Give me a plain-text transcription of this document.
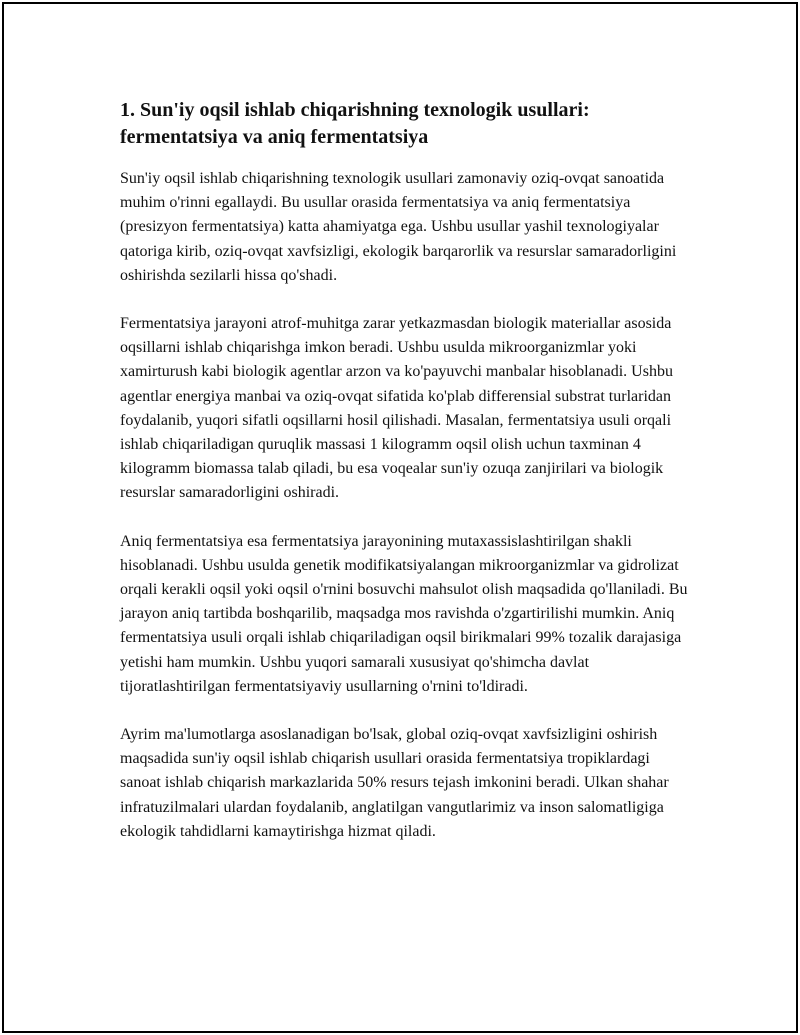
1. Sun'iy oqsil ishlab chiqarishning texnologik usullari: fermentatsiya va aniq fermentatsiya

Sun'iy oqsil ishlab chiqarishning texnologik usullari zamonaviy oziq-ovqat sanoatida muhim o'rinni egallaydi. Bu usullar orasida fermentatsiya va aniq fermentatsiya (presizyon fermentatsiya) katta ahamiyatga ega. Ushbu usullar yashil texnologiyalar qatoriga kirib, oziq-ovqat xavfsizligi, ekologik barqarorlik va resurslar samaradorligini oshirishda sezilarli hissa qo'shadi.

Fermentatsiya jarayoni atrof-muhitga zarar yetkazmasdan biologik materiallar asosida oqsillarni ishlab chiqarishga imkon beradi. Ushbu usulda mikroorganizmlar yoki xamirturush kabi biologik agentlar arzon va ko'payuvchi manbalar hisoblanadi. Ushbu agentlar energiya manbai va oziq-ovqat sifatida ko'plab differensial substrat turlaridan foydalanib, yuqori sifatli oqsillarni hosil qilishadi. Masalan, fermentatsiya usuli orqali ishlab chiqariladigan quruqlik massasi 1 kilogramm oqsil olish uchun taxminan 4 kilogramm biomassa talab qiladi, bu esa voqealar sun'iy ozuqa zanjirilari va biologik resurslar samaradorligini oshiradi.

Aniq fermentatsiya esa fermentatsiya jarayonining mutaxassislashtirilgan shakli hisoblanadi. Ushbu usulda genetik modifikatsiyalangan mikroorganizmlar va gidrolizat orqali kerakli oqsil yoki oqsil o'rnini bosuvchi mahsulot olish maqsadida qo'llaniladi. Bu jarayon aniq tartibda boshqarilib, maqsadga mos ravishda o'zgartirilishi mumkin. Aniq fermentatsiya usuli orqali ishlab chiqariladigan oqsil birikmalari 99% tozalik darajasiga yetishi ham mumkin. Ushbu yuqori samarali xususiyat qo'shimcha davlat tijoratlashtirilgan fermentatsiyaviy usullarning o'rnini to'ldiradi.

Ayrim ma'lumotlarga asoslanadigan bo'lsak, global oziq-ovqat xavfsizligini oshirish maqsadida sun'iy oqsil ishlab chiqarish usullari orasida fermentatsiya tropiklardagi sanoat ishlab chiqarish markazlarida 50% resurs tejash imkonini beradi. Ulkan shahar infratuzilmalari ulardan foydalanib, anglatilgan vangutlarimiz va inson salomatligiga ekologik tahdidlarni kamaytirishga hizmat qiladi.
